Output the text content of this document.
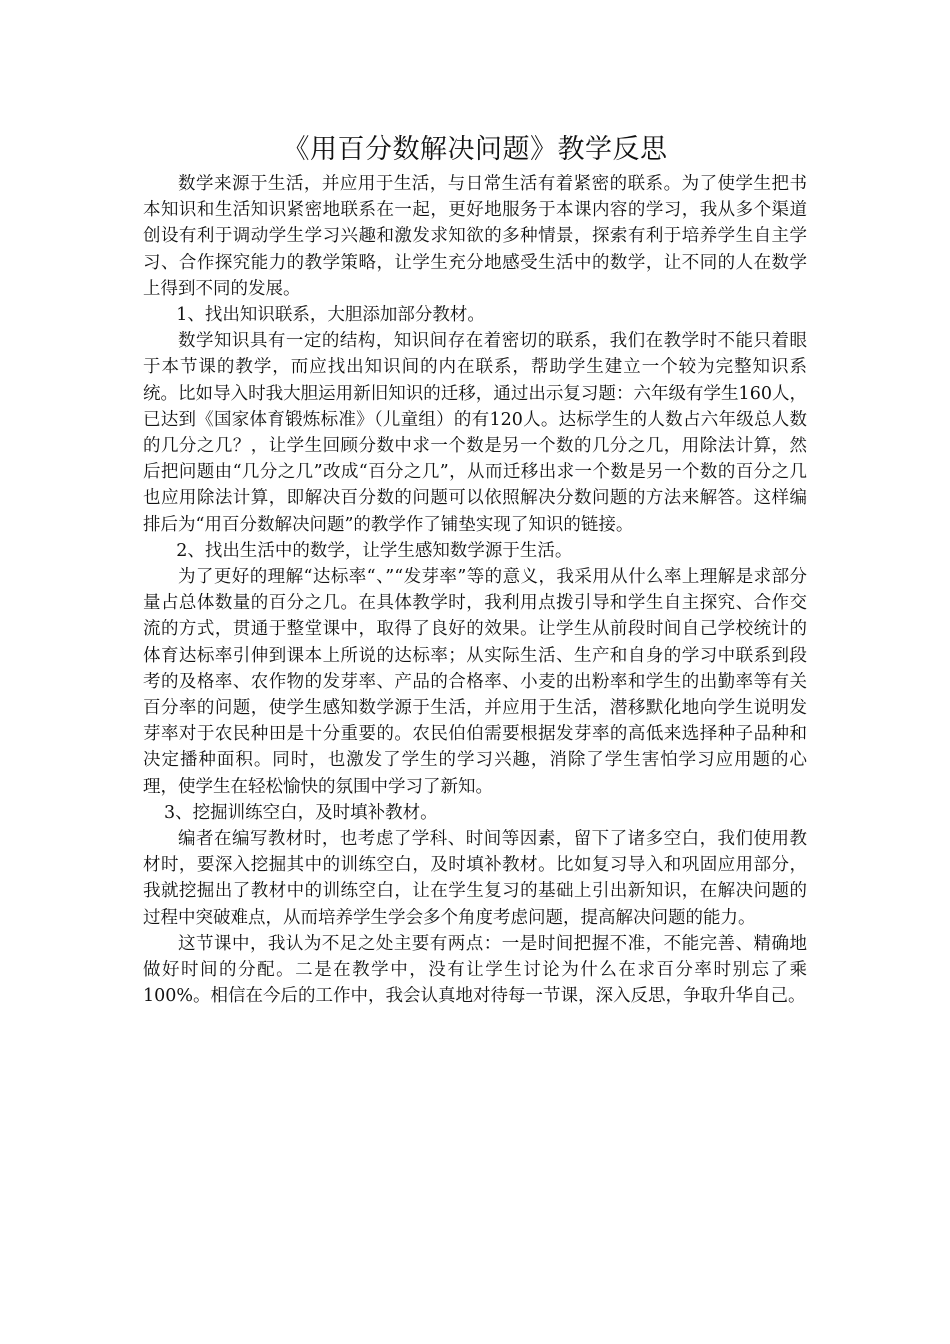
《用百分数解决问题》教学反思

数学来源于生活，并应用于生活，与日常生活有着紧密的联系。为了使学生把书本知识和生活知识紧密地联系在一起，更好地服务于本课内容的学习，我从多个渠道创设有利于调动学生学习兴趣和激发求知欲的多种情景，探索有利于培养学生自主学习、合作探究能力的教学策略，让学生充分地感受生活中的数学，让不同的人在数学上得到不同的发展。

1、找出知识联系，大胆添加部分教材。

数学知识具有一定的结构，知识间存在着密切的联系，我们在教学时不能只着眼于本节课的教学，而应找出知识间的内在联系，帮助学生建立一个较为完整知识系统。比如导入时我大胆运用新旧知识的迁移，通过出示复习题：六年级有学生160人，已达到《国家体育锻炼标准》（儿童组）的有120人。达标学生的人数占六年级总人数的几分之几？，让学生回顾分数中求一个数是另一个数的几分之几，用除法计算，然后把问题由“几分之几”改成“百分之几”，从而迁移出求一个数是另一个数的百分之几也应用除法计算，即解决百分数的问题可以依照解决分数问题的方法来解答。这样编排后为“用百分数解决问题”的教学作了铺垫实现了知识的链接。

2、找出生活中的数学，让学生感知数学源于生活。

为了更好的理解“达标率“、”“发芽率”等的意义，我采用从什么率上理解是求部分量占总体数量的百分之几。在具体教学时，我利用点拨引导和学生自主探究、合作交流的方式，贯通于整堂课中，取得了良好的效果。让学生从前段时间自己学校统计的体育达标率引伸到课本上所说的达标率；从实际生活、生产和自身的学习中联系到段考的及格率、农作物的发芽率、产品的合格率、小麦的出粉率和学生的出勤率等有关百分率的问题，使学生感知数学源于生活，并应用于生活，潜移默化地向学生说明发芽率对于农民种田是十分重要的。农民伯伯需要根据发芽率的高低来选择种子品种和决定播种面积。同时，也激发了学生的学习兴趣，消除了学生害怕学习应用题的心理，使学生在轻松愉快的氛围中学习了新知。

3、挖掘训练空白，及时填补教材。

编者在编写教材时，也考虑了学科、时间等因素，留下了诸多空白，我们使用教材时，要深入挖掘其中的训练空白，及时填补教材。比如复习导入和巩固应用部分，我就挖掘出了教材中的训练空白，让在学生复习的基础上引出新知识，在解决问题的过程中突破难点，从而培养学生学会多个角度考虑问题，提高解决问题的能力。

这节课中，我认为不足之处主要有两点：一是时间把握不准，不能完善、精确地做好时间的分配。二是在教学中，没有让学生讨论为什么在求百分率时别忘了乘100%。相信在今后的工作中，我会认真地对待每一节课，深入反思，争取升华自己。
